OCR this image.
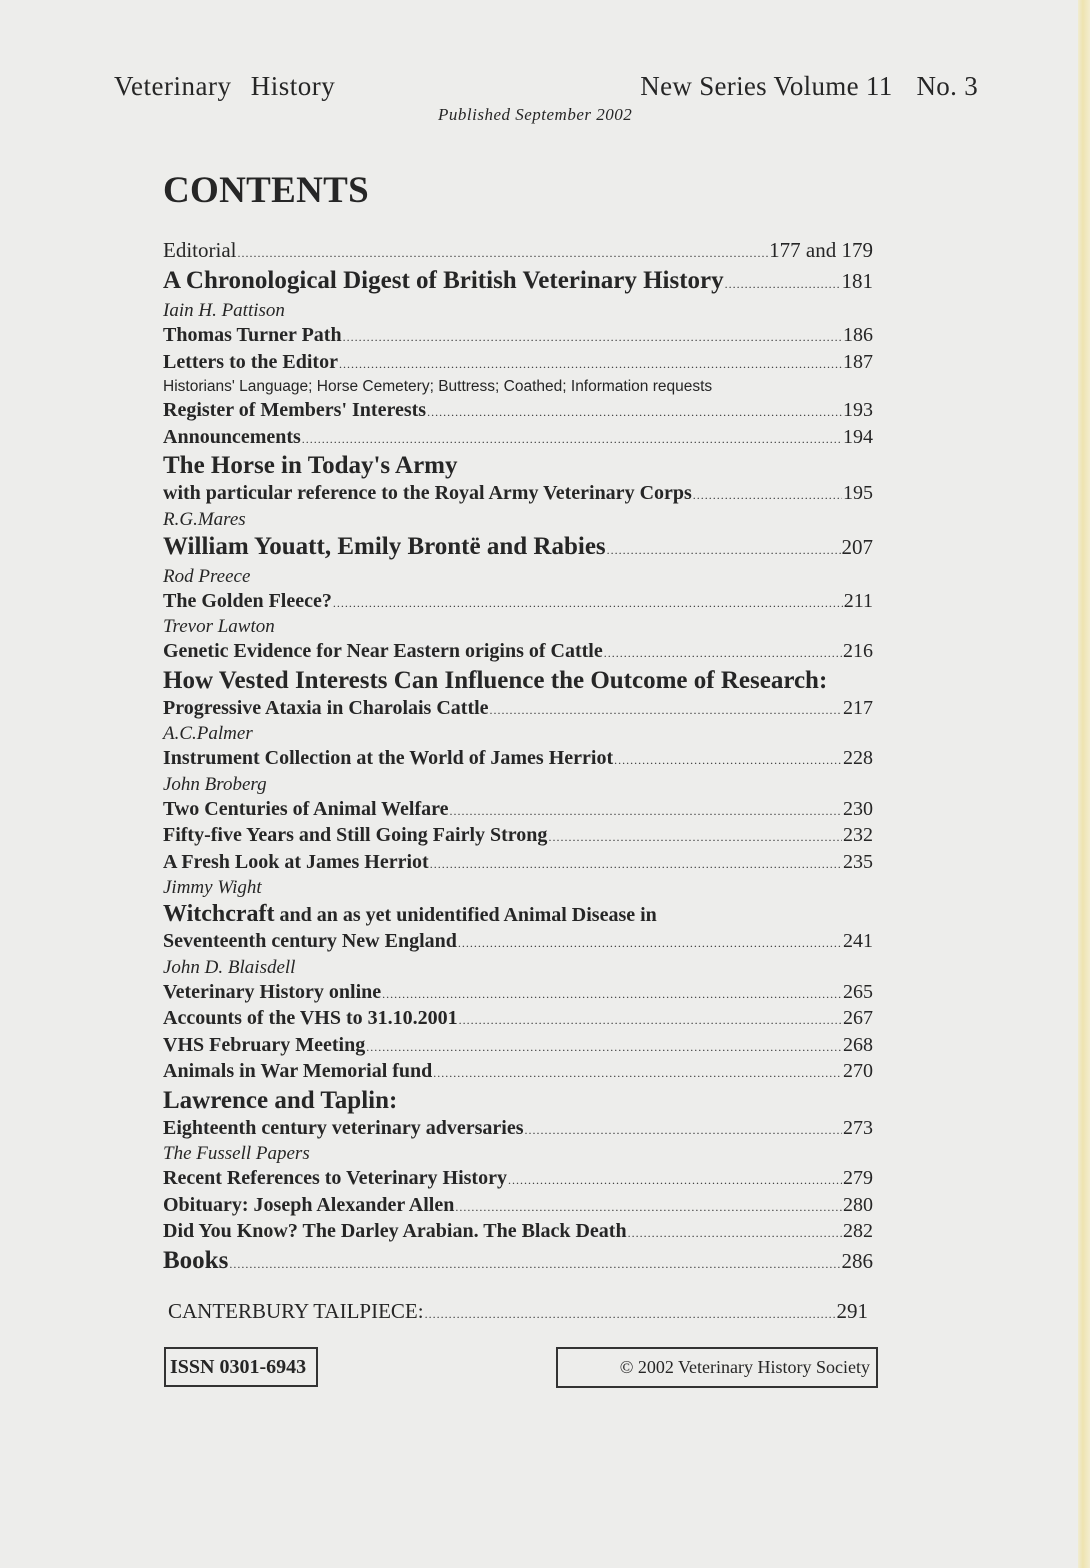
Veterinary History	New Series Volume 11 No. 3
Published September 2002
CONTENTS
Editorial .....	177 and 179
A Chronological Digest of British Veterinary History .....	181
Iain H. Pattison
Thomas Turner Path .....	186
Letters to the Editor .....	187
Historians' Language; Horse Cemetery; Buttress; Coathed; Information requests
Register of Members' Interests .....	193
Announcements .....	194
The Horse in Today's Army
with particular reference to the Royal Army Veterinary Corps .....	195
R.G.Mares
William Youatt, Emily Brontë and Rabies .....	207
Rod Preece
The Golden Fleece? .....	211
Trevor Lawton
Genetic Evidence for Near Eastern origins of Cattle .....	216
How Vested Interests Can Influence the Outcome of Research:
Progressive Ataxia in Charolais Cattle .....	217
A.C.Palmer
Instrument Collection at the World of James Herriot .....	228
John Broberg
Two Centuries of Animal Welfare .....	230
Fifty-five Years and Still Going Fairly Strong .....	232
A Fresh Look at James Herriot .....	235
Jimmy Wight
Witchcraft and an as yet unidentified Animal Disease in
Seventeenth century New England .....	241
John D. Blaisdell
Veterinary History online .....	265
Accounts of the VHS to 31.10.2001 .....	267
VHS February Meeting .....	268
Animals in War Memorial fund .....	270
Lawrence and Taplin:
Eighteenth century veterinary adversaries .....	273
The Fussell Papers
Recent References to Veterinary History .....	279
Obituary: Joseph Alexander Allen .....	280
Did You Know? The Darley Arabian. The Black Death .....	282
Books .....	286
CANTERBURY TAILPIECE: .....	291
ISSN 0301-6943	© 2002 Veterinary History Society
